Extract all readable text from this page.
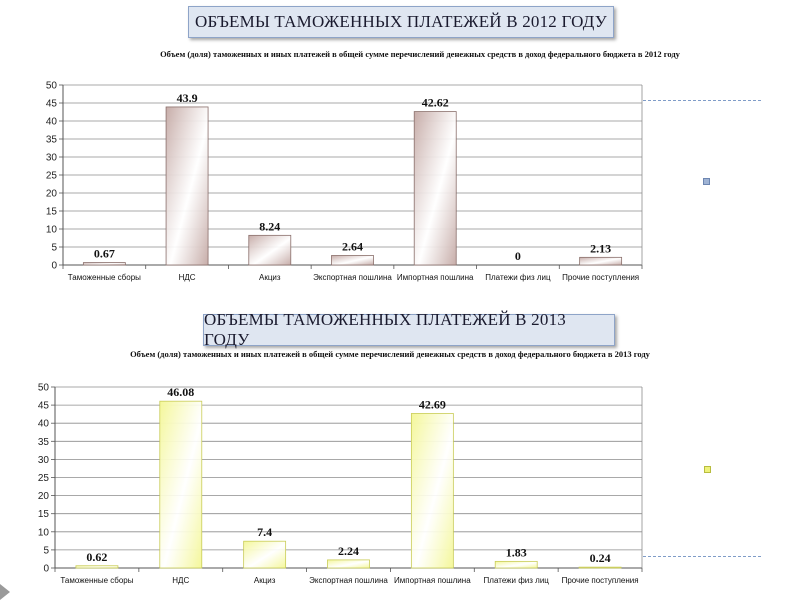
ОБЪЕМЫ ТАМОЖЕННЫХ ПЛАТЕЖЕЙ В 2012 ГОДУ
Объем (доля) таможенных и иных платежей в общей сумме перечислений денежных средств в доход федерального бюджета в 2012 году
0
5
10
15
20
25
30
35
40
45
50
0.67
Таможенные сборы
43.9
НДС
8.24
Акциз
2.64
Экспортная пошлина
42.62
Импортная пошлина
0
Платежи физ лиц
2.13
Прочие поступления
ОБЪЕМЫ ТАМОЖЕННЫХ ПЛАТЕЖЕЙ В 2013 ГОДУ
Объем (доля) таможенных и иных платежей в общей сумме перечислений денежных средств в доход федерального бюджета в 2013 году
0
5
10
15
20
25
30
35
40
45
50
0.62
Таможенные сборы
46.08
НДС
7.4
Акциз
2.24
Экспортная пошлина
42.69
Импортная пошлина
1.83
Платежи физ лиц
0.24
Прочие поступления
